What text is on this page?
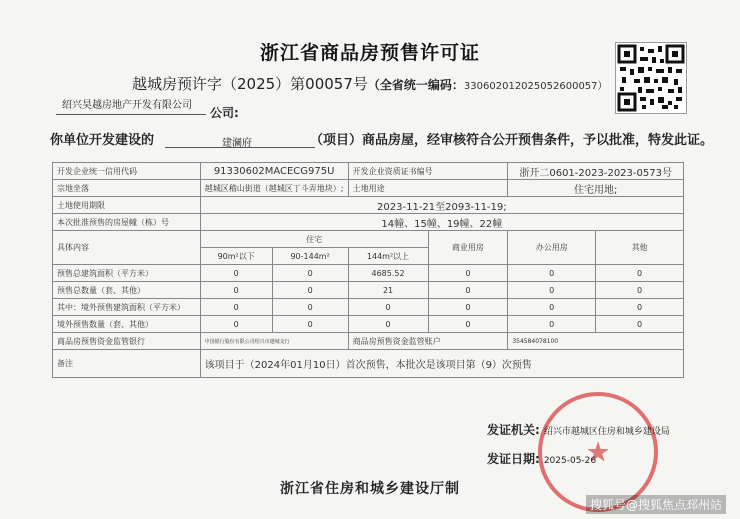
浙江省商品房预售许可证
越城房预许字（2025）第00057号（全省统一编码：330602012025052600057）
绍兴昊越房地产开发有限公司
公司:
你单位开发建设的	（项目）商品房屋，经审核符合公开预售条件，予以批准，特发此证。
建澜府
开发企业统一信用代码	91330602MACECG975U		开发企业资质证书编号		浙开二0601-2023-2023-0573号	
宗地坐落	越城区稽山街道（越城区丁斗弄地块）;		土地用途		住宅用地;	
土地使用期限	2023-11-21至2093-11-19;					
本次批准预售的房屋幢（栋）号	14幢、15幢、19幢、22幢					
具体内容	住宅			商业用房	办公用房	其他
	90m²以下	90-144m²	144m²以上			
预售总建筑面积（平方米）	0	0	4685.52	0	0	0
预售总数量（套、其他）	0	0	21	0	0	0
其中：境外预售建筑面积（平方米）	0	0	0	0	0	0
境外预售数量（套、其他）	0	0	0	0	0	0
商品房预售资金监管银行	中国银行股份有限公司绍兴市越城支行		商品房预售资金监管账户		354584078100	
备注	该项目于（2024年01月10日）首次预售，本批次是该项目第（9）次预售					
★
发证机关: 绍兴市越城区住房和城乡建设局
发证日期: 2025-05-26
浙江省住房和城乡建设厅制
搜狐号@搜狐焦点邳州站
